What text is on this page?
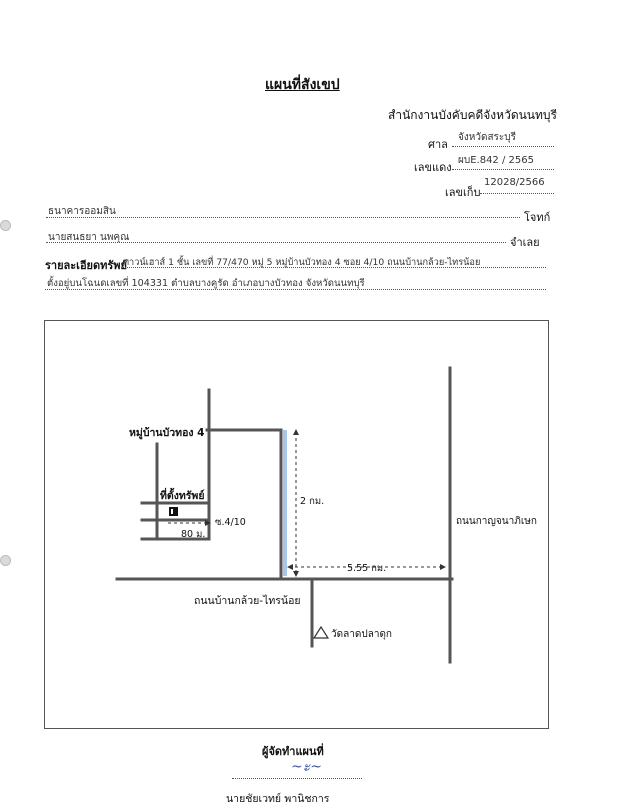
แผนที่สังเขป
สำนักงานบังคับคดีจังหวัดนนทบุรี
ศาล
จังหวัดสระบุรี
เลขแดง
ผบE.842 / 2565
เลขเก็บ
12028/2566
ธนาคารออมสิน	โจทก์
นายสนธยา นพคุณ	จำเลย
รายละเอียดทรัพย์
ทาวน์เฮาส์ 1 ชั้น เลขที่ 77/470 หมู่ 5 หมู่บ้านบัวทอง 4 ซอย 4/10 ถนนบ้านกล้วย-ไทรน้อย
ตั้งอยู่บนโฉนดเลขที่ 104331 ตำบลบางคูรัด อำเภอบางบัวทอง จังหวัดนนทบุรี
หมู่บ้านบัวทอง 4
ที่ตั้งทรัพย์
ซ.4/10
80 ม.
2 กม.
5.55 กม.
ถนนบ้านกล้วย-ไทรน้อย
ถนนกาญจนาภิเษก
วัดลาดปลาดุก
ผู้จัดทำแผนที่
~ะ~
นายชัยเวทย์ พานิชการ
